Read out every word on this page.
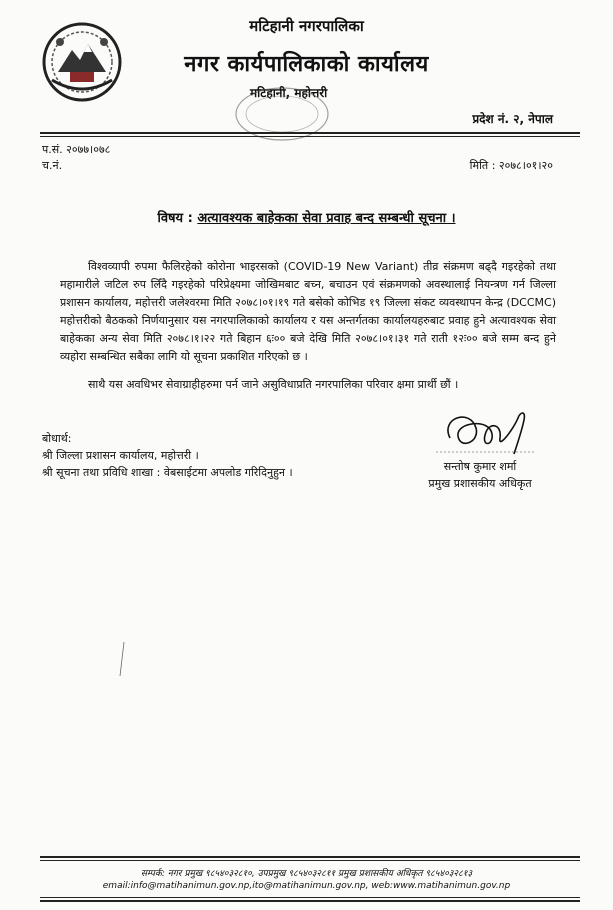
मटिहानी नगरपालिका
नगर कार्यपालिकाको कार्यालय
मटिहानी, महोत्तरी
प्रदेश नं. २, नेपाल
प.सं. २०७७।०७८
च.नं.	मिति : २०७८।०१।२०
विषय : अत्यावश्यक बाहेकका सेवा प्रवाह बन्द सम्बन्धी सूचना ।
विश्वव्यापी रुपमा फैलिरहेको कोरोना भाइरसको (COVID-19 New Variant) तीव्र संक्रमण बढ्दै गइरहेको तथा महामारीले जटिल रुप लिँदै गइरहेको परिप्रेक्ष्यमा जोखिमबाट बच्न, बचाउन एवं संक्रमणको अवस्थालाई नियन्त्रण गर्न जिल्ला प्रशासन कार्यालय, महोत्तरी जलेश्वरमा मिति २०७८।०१।१९ गते बसेको कोभिड १९ जिल्ला संकट व्यवस्थापन केन्द्र (DCCMC) महोत्तरीको बैठकको निर्णयानुसार यस नगरपालिकाको कार्यालय र यस अन्तर्गतका कार्यालयहरुबाट प्रवाह हुने अत्यावश्यक सेवा बाहेकका अन्य सेवा मिति २०७८।१।२२ गते बिहान ६ः०० बजे देखि मिति २०७८।०१।३१ गते राती १२ः०० बजे सम्म बन्द हुने व्यहोरा सम्बन्धित सबैका लागि यो सूचना प्रकाशित गरिएको छ ।
साथै यस अवधिभर सेवाग्राहीहरुमा पर्न जाने असुविधाप्रति नगरपालिका परिवार क्षमा प्रार्थी छौं ।
बोधार्थ:
श्री जिल्ला प्रशासन कार्यालय, महोत्तरी ।
श्री सूचना तथा प्रविधि शाखा : वेबसाईटमा अपलोड गरिदिनुहुन ।	सन्तोष कुमार शर्मा
प्रमुख प्रशासकीय अधिकृत
सम्पर्क: नगर प्रमुख ९८५४०३२८१०, उपप्रमुख ९८५४०३२८११ प्रमुख प्रशासकीय अधिकृत ९८५४०३२८१३
email:info@matihanimun.gov.np,ito@matihanimun.gov.np, web:www.matihanimun.gov.np
